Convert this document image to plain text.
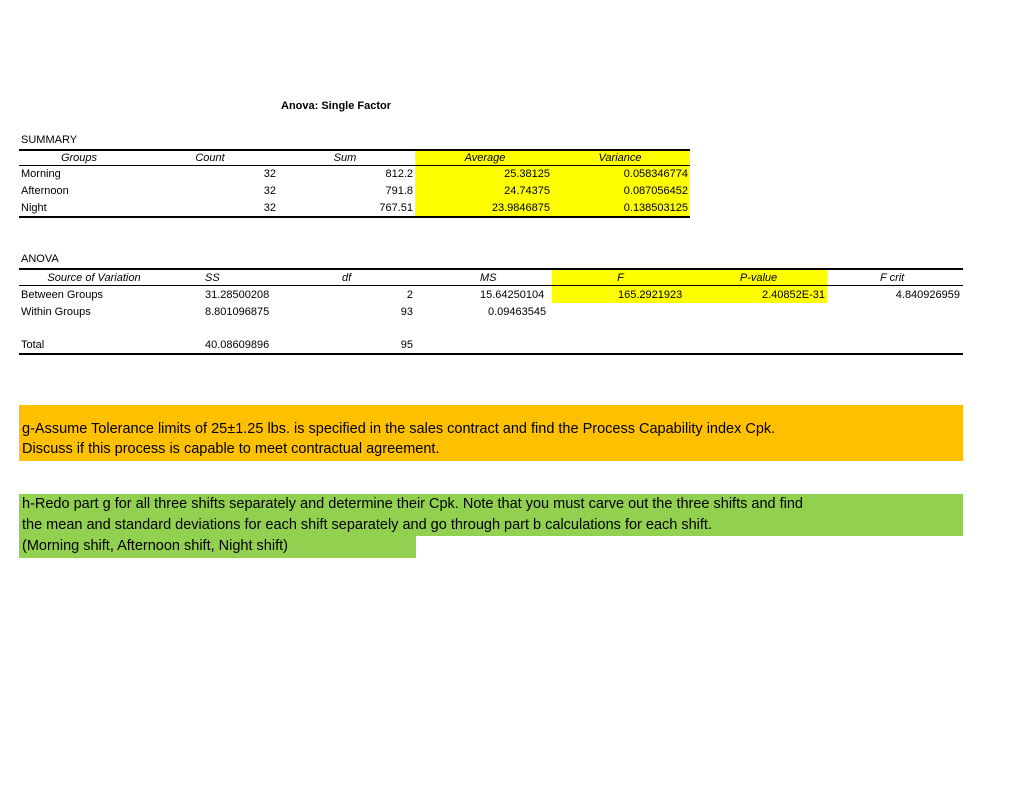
Anova: Single Factor
SUMMARY
Groups	Count	Sum	Average	Variance
Morning	32	812.2	25.38125	0.058346774
Afternoon	32	791.8	24.74375	0.087056452
Night	32	767.51	23.9846875	0.138503125
ANOVA
Source of Variation	SS	df	MS	F	P-value	F crit
Between Groups	31.28500208	2	15.64250104	165.2921923	2.40852E-31	4.840926959
Within Groups	8.801096875	93	0.09463545
Total	40.08609896	95
g-Assume Tolerance limits of 25±1.25 lbs. is specified in the sales contract and find the Process Capability index Cpk.
Discuss if this process is capable to meet contractual agreement.
h-Redo part g for all three shifts separately and determine their Cpk. Note that you must carve out the three shifts and find
the mean and standard deviations for each shift separately and go through part b calculations for each shift.
(Morning shift, Afternoon shift, Night shift)
